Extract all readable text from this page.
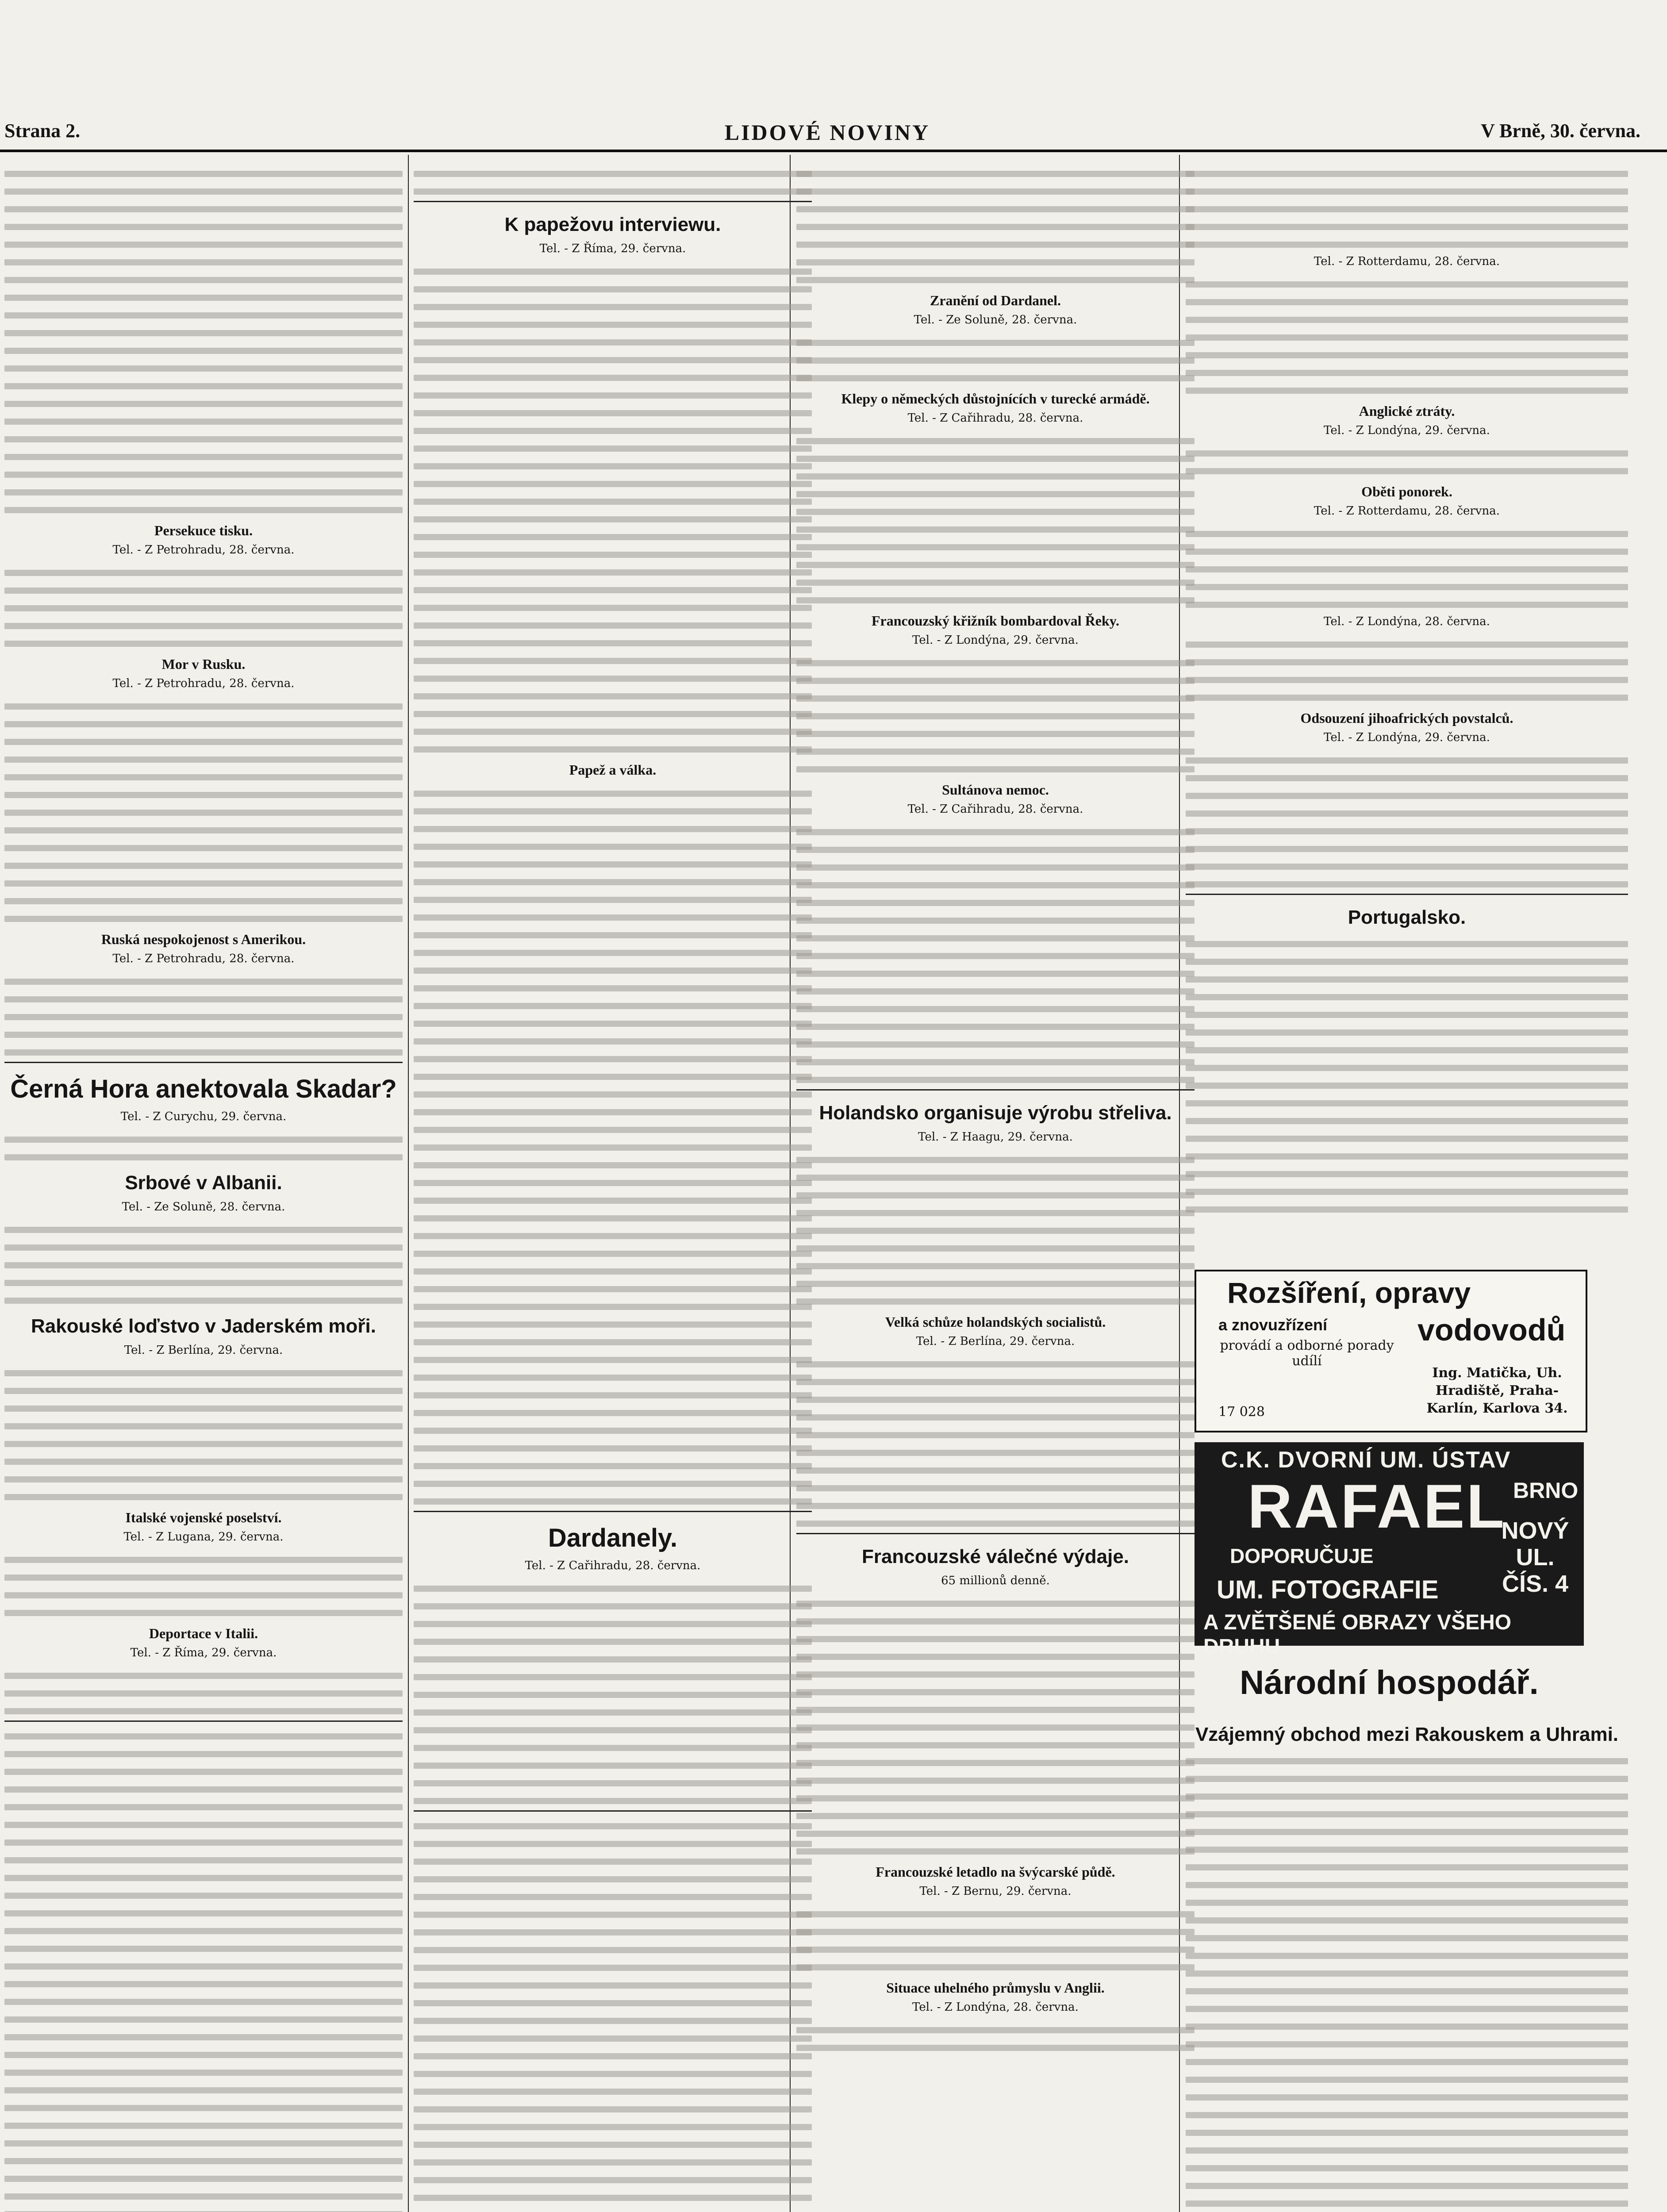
Strana 2.	LIDOVÉ NOVINY	V Brně, 30. června.

Persekuce tisku.

Tel. - Z Petrohradu, 28. června.

Mor v Rusku.

Tel. - Z Petrohradu, 28. června.

Ruská nespokojenost s Amerikou.

Tel. - Z Petrohradu, 28. června.

Černá Hora anektovala Skadar?

Tel. - Z Curychu, 29. června.

Srbové v Albanii.

Tel. - Ze Soluně, 28. června.

Rakouské loďstvo v Jaderském moři.

Tel. - Z Berlína, 29. června.

Italské vojenské poselství.

Tel. - Z Lugana, 29. června.

Deportace v Italii.

Tel. - Z Říma, 29. června.

K papežovu interviewu.

Tel. - Z Říma, 29. června.

Papež a válka.

Dardanely.

Tel. - Z Cařihradu, 28. června.

Zranění od Dardanel.

Tel. - Ze Soluně, 28. června.

Klepy o německých důstojnících v turecké armádě.

Tel. - Z Cařihradu, 28. června.

Francouzský křižník bombardoval Řeky.

Tel. - Z Londýna, 29. června.

Sultánova nemoc.

Tel. - Z Cařihradu, 28. června.

Holandsko organisuje výrobu střeliva.

Tel. - Z Haagu, 29. června.

Velká schůze holandských socialistů.

Tel. - Z Berlína, 29. června.

Francouzské válečné výdaje.

65 millionů denně.

Francouzské letadlo na švýcarské půdě.

Tel. - Z Bernu, 29. června.

Situace uhelného průmyslu v Anglii.

Tel. - Z Londýna, 28. června.

Tel. - Z Rotterdamu, 28. června.

Anglické ztráty.

Tel. - Z Londýna, 29. června.

Oběti ponorek.

Tel. - Z Rotterdamu, 28. června.

Tel. - Z Londýna, 28. června.

Odsouzení jihoafrických povstalců.

Tel. - Z Londýna, 29. června.

Portugalsko.

Rozšíření, opravy

a znovuzřízení	vodovodů

provádí a odborné porady udílí

Ing. Matička, Uh. Hradiště, Praha-Karlín, Karlova 34.

17 028

C.K. DVORNÍ UM. ÚSTAV

RAFAEL BRNO

DOPORUČUJE

NOVÝ UL. ČÍS. 4

UM. FOTOGRAFIE

A ZVĚTŠENÉ OBRAZY VŠEHO DRUHU

Národní hospodář.

Vzájemný obchod mezi Rakouskem a Uhrami.
